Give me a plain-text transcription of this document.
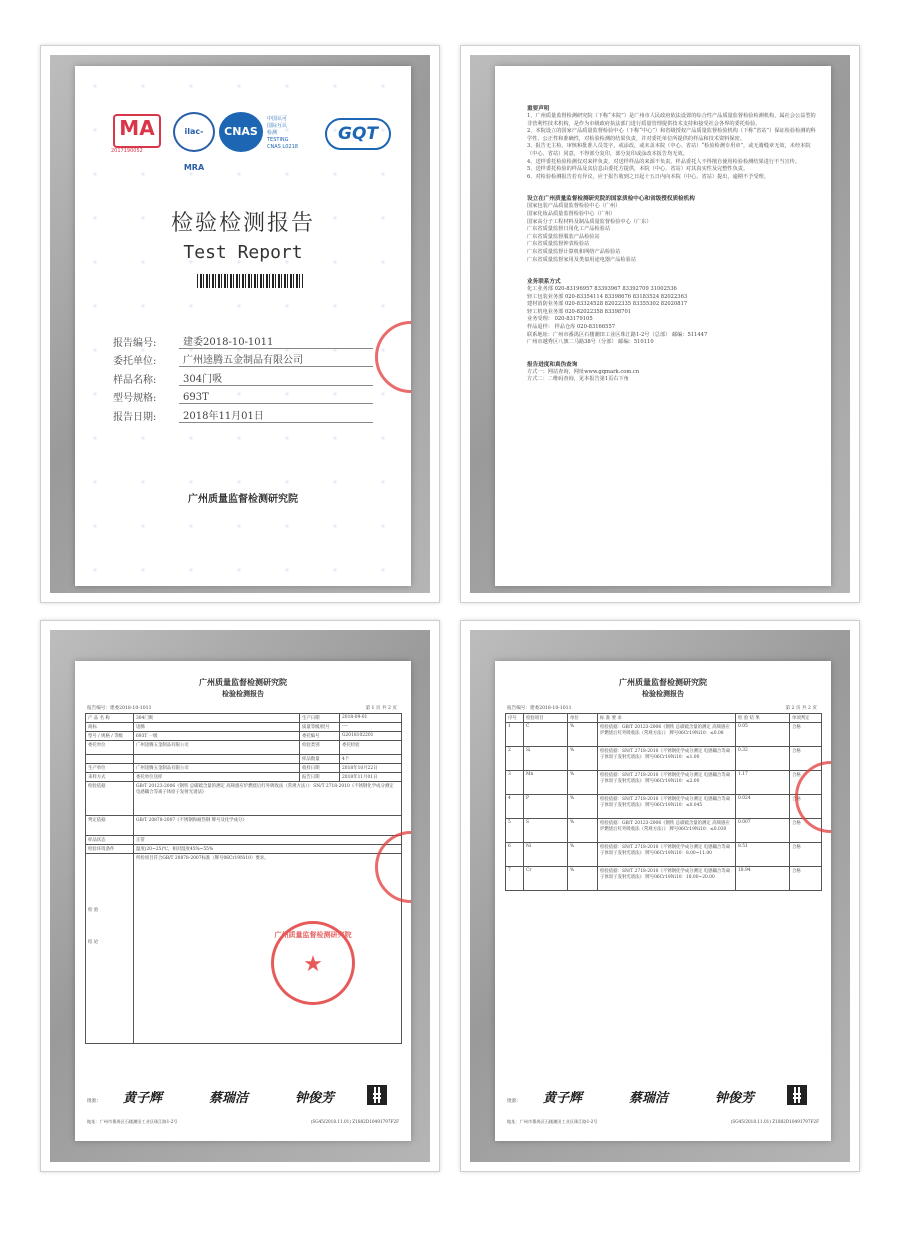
MA
2017190052
ilac-MRA
CNAS
中国认可
国际互认
检测
TESTING
CNAS L0218
GQT
检验检测报告
Test Report
报告编号:	建委2018-10-1011
委托单位:	广州逵腾五金制品有限公司
样品名称:	304门吸
型号规格:	693T
报告日期:	2018年11月01日
广州质量监督检测研究院
重要声明

1、广州质量监督检测研究院（下称“本院”）是广州市人民政府依法设置的综合性产品质量监督检验检测机构，属社会公益型的非营利性技术机构，是作为市级政府执法部门进行质量管理提供技术支持和接受社会各界的委托检验。

2、本院设立的国家产品质量监督检验中心（下称“中心”）和省级授权产品质量监督检验机构（下称“省站”）保证检验检测的科学性、公正性和准确性，对检验检测的结果负责，并对委托单位所提供的样品和技术资料保密。

3、报告无主检、审核和批准人员签字，或涂改，或未盖本院（中心、省站）“检验检测专用章”，或无骑缝章无效，未经本院（中心、省站）同意，不得部分复印，部分复印或涂改本报告均无效。

4、送样委托检验检测仅对来样负责，对送样样品的来源不负责，样品委托人不得擅自使用检验检测结果进行不当宣传。

5、送样委托检验的样品及其信息由委托方提供，本院（中心、省站）对其真实性及完整性负责。

6、对检验检测报告若有异议，应于报告收到之日起十五日内向本院（中心、省站）提出，逾期不予受理。

设立在广州质量监督检测研究院的国家质检中心和省级授权质检机构

国家包装产品质量监督检验中心（广州）

国家化妆品质量监督检验中心（广州）

国家高分子工程材料及制品质量监督检验中心（广东）

广东省质量监督日用化工产品检验站

广东省质量监督服装产品检验站

广东省质量监督钟表检验站

广东省质量监督计算机和网络产品检验站

广东省质量监督家用及类似用途电器产品检验站

业务联系方式

化工业务部 020-83196957 83393967 83392709 31002536

轻工包装业务部 020-83354114 83398676 83183524 82022363

建材消防业务部 020-83324528 82022335 83355302 82020817

轻工机电业务部 020-82022358 83398701

业务受理： 020-83179105

样品退样： 样品仓库 020-83166557

联系地址：广州市番禺区石楼潮田工业区珠江路1-2号（总部） 邮编：511447

广州市越秀区八旗二马路38号（分部） 邮编：510110

报告进度和真伪查询

方式一：网站查询，网址www.gqmark.com.cn

方式二：二维码查询，见本报告第1页右下角

广州质量监督检测研究院
检验检测报告
报告编号：建委2018-10-1011	第 1 页 共 2 页
产 品 名 称	304门吸	生产日期	2018-09-01
商标	逵腾	质量等级/批号	----
型号 / 规格 / 等级	693T 一级	委托编号	G2018102201
委托单位	广州逵腾五金制品有限公司	检验类别	委托检验
		样品数量	4个
生产单位	广州逵腾五金制品有限公司	收样日期	2018年10月22日
来样方式	委托单位送样	报告日期	2018年11月01日
检验依据	GB/T 20123-2006《钢铁 总碳硫含量的测定 高频感应炉燃烧后红外吸收法（常规方法）》 SN/T 2718-2010《不锈钢化学成分测定 电感耦合等离子体原子发射光谱法》		
判定依据	GB/T 20878-2007《不锈钢和耐热钢 牌号及化学成分》		
样品状态	正常		
检验环境条件	温度(20~25)℃，相对湿度45%~55%		

检 验
结 论	所检项目符合GB/T 20878-2007标准（牌号06Cr19Ni10）要求。		
广州质量监督检测研究院
★
批准： 黄子辉	蔡瑞洁	钟俊芳
地址：广州市番禺区石楼潮田工业区珠江路1-2号	(SG45/2018.11.01) Z1882D10491797F2F
广州质量监督检测研究院
检验检测报告
报告编号：建委2018-10-1011	第 2 页 共 2 页
序号	检验项目	单位	标 准 要 求	检 验 结 果	单项判定
1	C	%	检验依据：GB/T 20123-2006《钢铁 总碳硫含量的测定 高频感应炉燃烧后红外吸收法（常规方法）》 牌号06Cr19Ni10：≤0.08	0.05	合格
2	Si	%	检验依据：SN/T 2718-2010《不锈钢化学成分测定 电感耦合等离子体原子发射光谱法》 牌号06Cr19Ni10：≤1.00	0.32	合格
3	Mn	%	检验依据：SN/T 2718-2010《不锈钢化学成分测定 电感耦合等离子体原子发射光谱法》 牌号06Cr19Ni10：≤2.00	1.17	合格
4	P	%	检验依据：SN/T 2718-2010《不锈钢化学成分测定 电感耦合等离子体原子发射光谱法》 牌号06Cr19Ni10：≤0.045	0.024	合格
5	S	%	检验依据：GB/T 20123-2006《钢铁 总碳硫含量的测定 高频感应炉燃烧后红外吸收法（常规方法）》 牌号06Cr19Ni10：≤0.030	0.007	合格
6	Ni	%	检验依据：SN/T 2718-2010《不锈钢化学成分测定 电感耦合等离子体原子发射光谱法》 牌号06Cr19Ni10：8.00~11.00	8.51	合格
7	Cr	%	检验依据：SN/T 2718-2010《不锈钢化学成分测定 电感耦合等离子体原子发射光谱法》 牌号06Cr19Ni10：18.00~20.00	18.94	合格
批准： 黄子辉	蔡瑞洁	钟俊芳
地址：广州市番禺区石楼潮田工业区珠江路1-2号	(SG45/2018.11.01) Z1882D10491797F2F
